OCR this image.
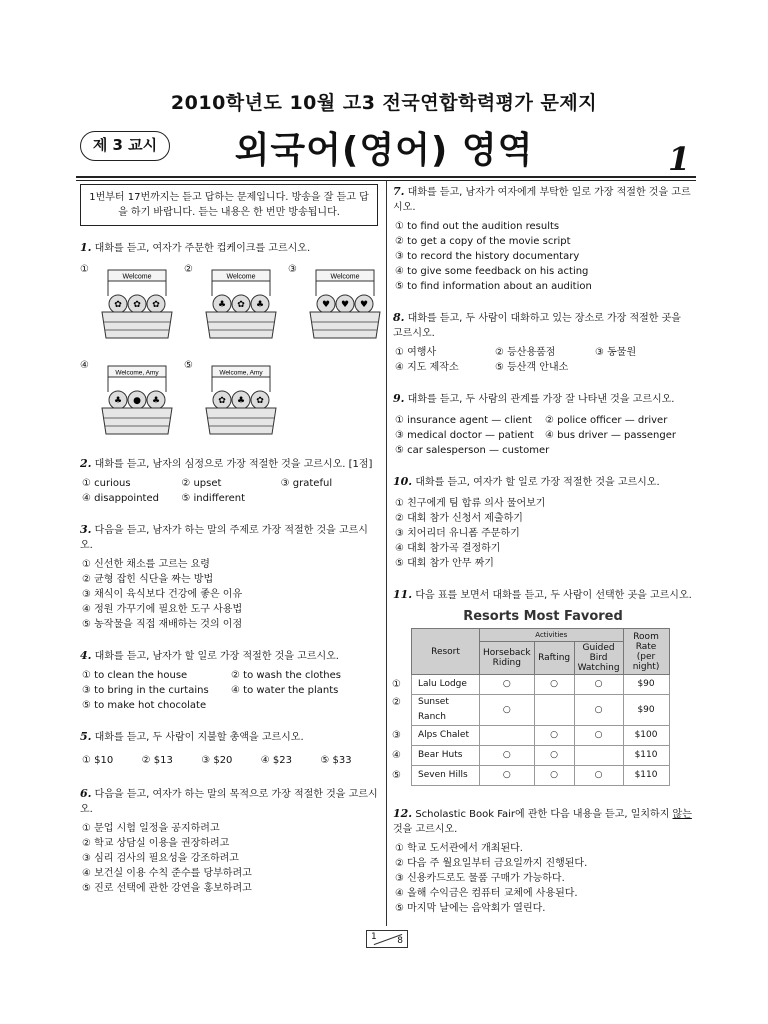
2010학년도 10월 고3 전국연합학력평가 문제지
제 3 교시	외국어(영어) 영역	1
1번부터 17번까지는 듣고 답하는 문제입니다. 방송을 잘 듣고 답을 하기 바랍니다. 듣는 내용은 한 번만 방송됩니다.
1. 대화를 듣고, 여자가 주문한 컵케이크를 고르시오.
①
Welcome
✿ ✿ ✿
②
Welcome
♣ ✿ ♣
③
Welcome
♥ ♥ ♥
④
Welcome, Amy
♣ ● ♣
⑤
Welcome, Amy
✿ ♣ ✿
2. 대화를 듣고, 남자의 심정으로 가장 적절한 것을 고르시오. [1점]
① curious	② upset	③ grateful
④ disappointed	⑤ indifferent
3. 다음을 듣고, 남자가 하는 말의 주제로 가장 적절한 것을 고르시오.
① 신선한 채소를 고르는 요령
② 균형 잡힌 식단을 짜는 방법
③ 채식이 육식보다 건강에 좋은 이유
④ 정원 가꾸기에 필요한 도구 사용법
⑤ 농작물을 직접 재배하는 것의 이점
4. 대화를 듣고, 남자가 할 일로 가장 적절한 것을 고르시오.
① to clean the house	② to wash the clothes
③ to bring in the curtains	④ to water the plants
⑤ to make hot chocolate
5. 대화를 듣고, 두 사람이 지불할 총액을 고르시오.
① $10	② $13	③ $20	④ $23	⑤ $33
6. 다음을 듣고, 여자가 하는 말의 목적으로 가장 적절한 것을 고르시오.
① 문업 시험 일정을 공지하려고
② 학교 상담실 이용을 권장하려고
③ 심리 검사의 필요성을 강조하려고
④ 보건실 이용 수칙 준수를 당부하려고
⑤ 진로 선택에 관한 강연을 홍보하려고
7. 대화를 듣고, 남자가 여자에게 부탁한 일로 가장 적절한 것을 고르시오.
① to find out the audition results
② to get a copy of the movie script
③ to record the history documentary
④ to give some feedback on his acting
⑤ to find information about an audition
8. 대화를 듣고, 두 사람이 대화하고 있는 장소로 가장 적절한 곳을 고르시오.
① 여행사	② 등산용품점	③ 동물원
④ 지도 제작소	⑤ 등산객 안내소
9. 대화를 듣고, 두 사람의 관계를 가장 잘 나타낸 것을 고르시오.
① insurance agent — client	② police officer — driver
③ medical doctor — patient	④ bus driver — passenger
⑤ car salesperson — customer
10. 대화를 듣고, 여자가 할 일로 가장 적절한 것을 고르시오.
① 친구에게 팀 합류 의사 물어보기
② 대회 참가 신청서 제출하기
③ 치어리더 유니폼 주문하기
④ 대회 참가곡 결정하기
⑤ 대회 참가 안무 짜기
11. 다음 표를 보면서 대화를 듣고, 두 사람이 선택한 곳을 고르시오.
Resorts Most Favored
Resort	Activities			Room Rate (per night)
	Horseback Riding	Rafting	Guided Bird Watching	

① Lalu Lodge	○	○	○	$90

② Sunset Ranch	○		○	$90

③ Alps Chalet		○	○	$100

④ Bear Huts	○	○		$110

⑤ Seven Hills	○	○	○	$110
12. Scholastic Book Fair에 관한 다음 내용을 듣고, 일치하지 않는 것을 고르시오.
① 학교 도서관에서 개최된다.
② 다음 주 월요일부터 금요일까지 진행된다.
③ 신용카드로도 물품 구매가 가능하다.
④ 올해 수익금은 컴퓨터 교체에 사용된다.
⑤ 마지막 날에는 음악회가 열린다.
1 8
